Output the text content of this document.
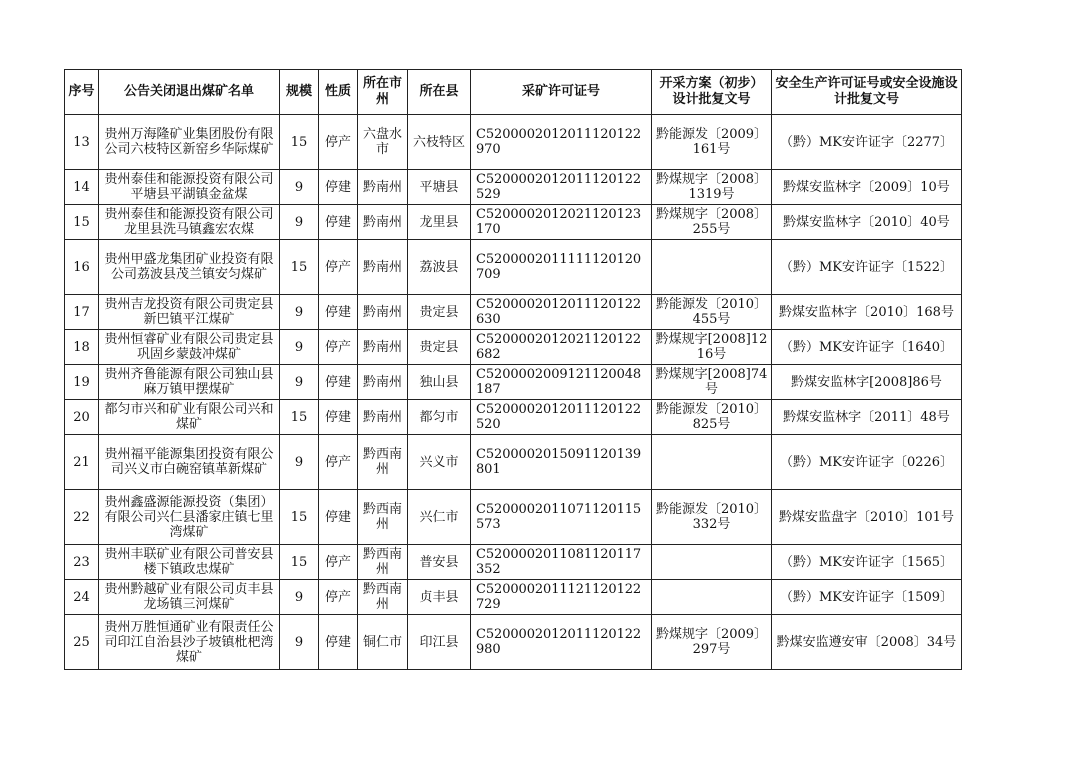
序号	公告关闭退出煤矿名单	规模	性质	所在市州	所在县	采矿许可证号	开采方案（初步）设计批复文号	安全生产许可证号或安全设施设计批复文号
13	贵州万海隆矿业集团股份有限公司六枝特区新窑乡华际煤矿	15	停产	六盘水市	六枝特区	C5200002012011120122970	黔能源发〔2009〕161号	（黔）MK安许证字〔2277〕
14	贵州泰佳和能源投资有限公司平塘县平湖镇金盆煤	9	停建	黔南州	平塘县	C5200002012011120122529	黔煤规字〔2008〕1319号	黔煤安监林字〔2009〕10号
15	贵州泰佳和能源投资有限公司龙里县洗马镇鑫宏农煤	9	停建	黔南州	龙里县	C5200002012021120123170	黔煤规字〔2008〕255号	黔煤安监林字〔2010〕40号
16	贵州甲盛龙集团矿业投资有限公司荔波县茂兰镇安匀煤矿	15	停产	黔南州	荔波县	C5200002011111120120709		（黔）MK安许证字〔1522〕
17	贵州吉龙投资有限公司贵定县新巴镇平江煤矿	9	停建	黔南州	贵定县	C5200002012011120122630	黔能源发〔2010〕455号	黔煤安监林字〔2010〕168号
18	贵州恒睿矿业有限公司贵定县巩固乡蒙鼓冲煤矿	9	停产	黔南州	贵定县	C5200002012021120122682	黔煤规字[2008]1216号	（黔）MK安许证字〔1640〕
19	贵州齐鲁能源有限公司独山县麻万镇甲摆煤矿	9	停建	黔南州	独山县	C5200002009121120048187	黔煤规字[2008]74号	黔煤安监林字[2008]86号
20	都匀市兴和矿业有限公司兴和煤矿	15	停建	黔南州	都匀市	C5200002012011120122520	黔能源发〔2010〕825号	黔煤安监林字〔2011〕48号
21	贵州福平能源集团投资有限公司兴义市白碗窑镇革新煤矿	9	停产	黔西南州	兴义市	C5200002015091120139801		（黔）MK安许证字〔0226〕
22	贵州鑫盛源能源投资（集团）有限公司兴仁县潘家庄镇七里湾煤矿	15	停建	黔西南州	兴仁市	C5200002011071120115573	黔能源发〔2010〕332号	黔煤安监盘字〔2010〕101号
23	贵州丰联矿业有限公司普安县楼下镇政忠煤矿	15	停产	黔西南州	普安县	C5200002011081120117352		（黔）MK安许证字〔1565〕
24	贵州黔越矿业有限公司贞丰县龙场镇三河煤矿	9	停产	黔西南州	贞丰县	C5200002011121120122729		（黔）MK安许证字〔1509〕
25	贵州万胜恒通矿业有限责任公司印江自治县沙子坡镇枇杷湾煤矿	9	停建	铜仁市	印江县	C5200002012011120122980	黔煤规字〔2009〕297号	黔煤安监遵安审〔2008〕34号
